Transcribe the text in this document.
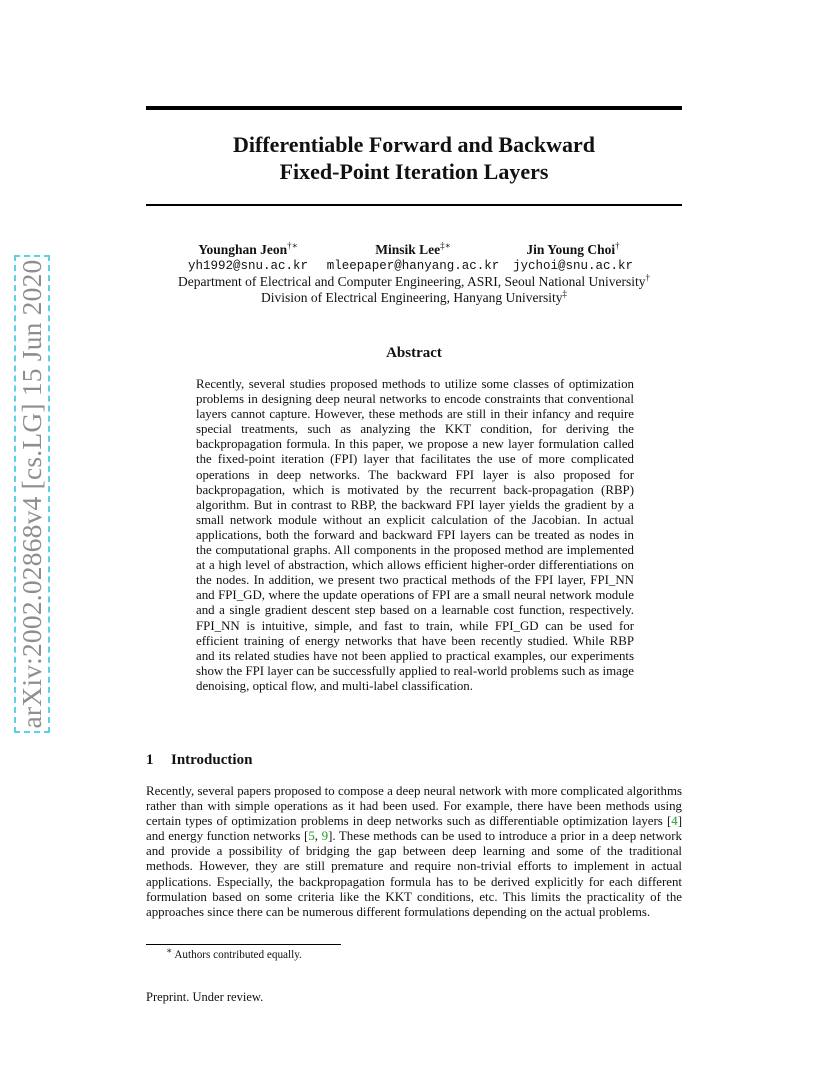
Differentiable Forward and Backward
Fixed-Point Iteration Layers
Younghan Jeon†∗
yh1992@snu.ac.kr
Minsik Lee‡∗
mleepaper@hanyang.ac.kr
Jin Young Choi†
jychoi@snu.ac.kr
Department of Electrical and Computer Engineering, ASRI, Seoul National University†
Division of Electrical Engineering, Hanyang University‡
Abstract
Recently, several studies proposed methods to utilize some classes of optimization problems in designing deep neural networks to encode constraints that conventional layers cannot capture. However, these methods are still in their infancy and require special treatments, such as analyzing the KKT condition, for deriving the backpropagation formula. In this paper, we propose a new layer formulation called the fixed-point iteration (FPI) layer that facilitates the use of more complicated operations in deep networks. The backward FPI layer is also proposed for backpropagation, which is motivated by the recurrent back-propagation (RBP) algorithm. But in contrast to RBP, the backward FPI layer yields the gradient by a small network module without an explicit calculation of the Jacobian. In actual applications, both the forward and backward FPI layers can be treated as nodes in the computational graphs. All components in the proposed method are implemented at a high level of abstraction, which allows efficient higher-order differentiations on the nodes. In addition, we present two practical methods of the FPI layer, FPI_NN and FPI_GD, where the update operations of FPI are a small neural network module and a single gradient descent step based on a learnable cost function, respectively. FPI_NN is intuitive, simple, and fast to train, while FPI_GD can be used for efficient training of energy networks that have been recently studied. While RBP and its related studies have not been applied to practical examples, our experiments show the FPI layer can be successfully applied to real-world problems such as image denoising, optical flow, and multi-label classification.
1 Introduction
Recently, several papers proposed to compose a deep neural network with more complicated algorithms rather than with simple operations as it had been used. For example, there have been methods using certain types of optimization problems in deep networks such as differentiable optimization layers [4] and energy function networks [5, 9]. These methods can be used to introduce a prior in a deep network and provide a possibility of bridging the gap between deep learning and some of the traditional methods. However, they are still premature and require non-trivial efforts to implement in actual applications. Especially, the backpropagation formula has to be derived explicitly for each different formulation based on some criteria like the KKT conditions, etc. This limits the practicality of the approaches since there can be numerous different formulations depending on the actual problems.
∗ Authors contributed equally.
Preprint. Under review.
arXiv:2002.02868v4 [cs.LG] 15 Jun 2020
